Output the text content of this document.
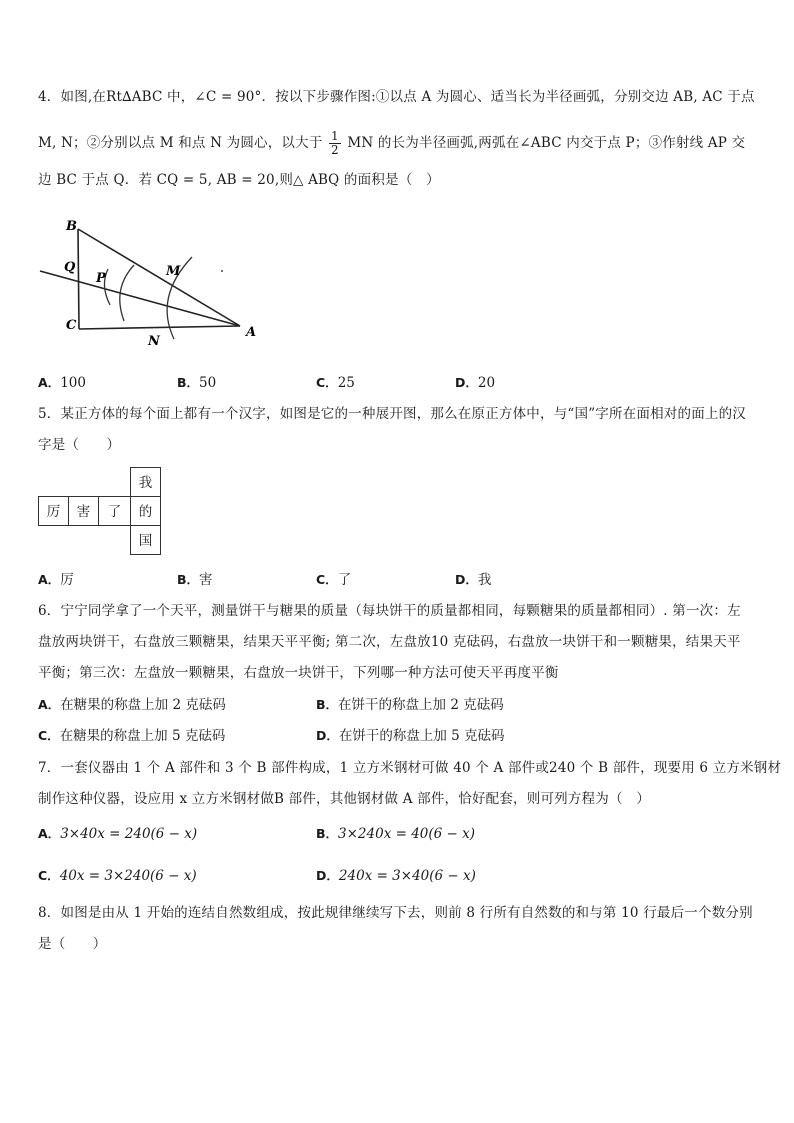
4．如图,在Rt∆ABC 中，∠C = 90°．按以下步骤作图:①以点 A 为圆心、适当长为半径画弧，分别交边 AB, AC 于点
M, N；②分别以点 M 和点 N 为圆心，以大于 $\frac{1}{2}$ MN 的长为半径画弧,两弧在∠ABC 内交于点 P；③作射线 AP 交
边 BC 于点 Q．若 CQ = 5, AB = 20,则△ ABQ 的面积是（　）
B
Q
P	M
C
N
A
A．100	B．50	C．25	D．20
5．某正方体的每个面上都有一个汉字，如图是它的一种展开图，那么在原正方体中，与“国”字所在面相对的面上的汉
字是（　　）
我
厉	害	了	的
国
A．厉	B．害	C．了	D．我
6．宁宁同学拿了一个天平，测量饼干与糖果的质量（每块饼干的质量都相同，每颗糖果的质量都相同）. 第一次：左
盘放两块饼干，右盘放三颗糖果，结果天平平衡; 第二次，左盘放10 克砝码，右盘放一块饼干和一颗糖果，结果天平
平衡；第三次：左盘放一颗糖果，右盘放一块饼干，下列哪一种方法可使天平再度平衡
A．在糖果的称盘上加 2 克砝码	B．在饼干的称盘上加 2 克砝码
C．在糖果的称盘上加 5 克砝码	D．在饼干的称盘上加 5 克砝码
7．一套仪器由 1 个 A 部件和 3 个 B 部件构成，1 立方米钢材可做 40 个 A 部件或240 个 B 部件，现要用 6 立方米钢材
制作这种仪器，设应用 x 立方米钢材做B 部件，其他钢材做 A 部件，恰好配套，则可列方程为（　）
A．3×40x = 240(6 − x)	B．3×240x = 40(6 − x)
C．40x = 3×240(6 − x)	D．240x = 3×40(6 − x)
8．如图是由从 1 开始的连结自然数组成，按此规律继续写下去，则前 8 行所有自然数的和与第 10 行最后一个数分别
是（　　）
